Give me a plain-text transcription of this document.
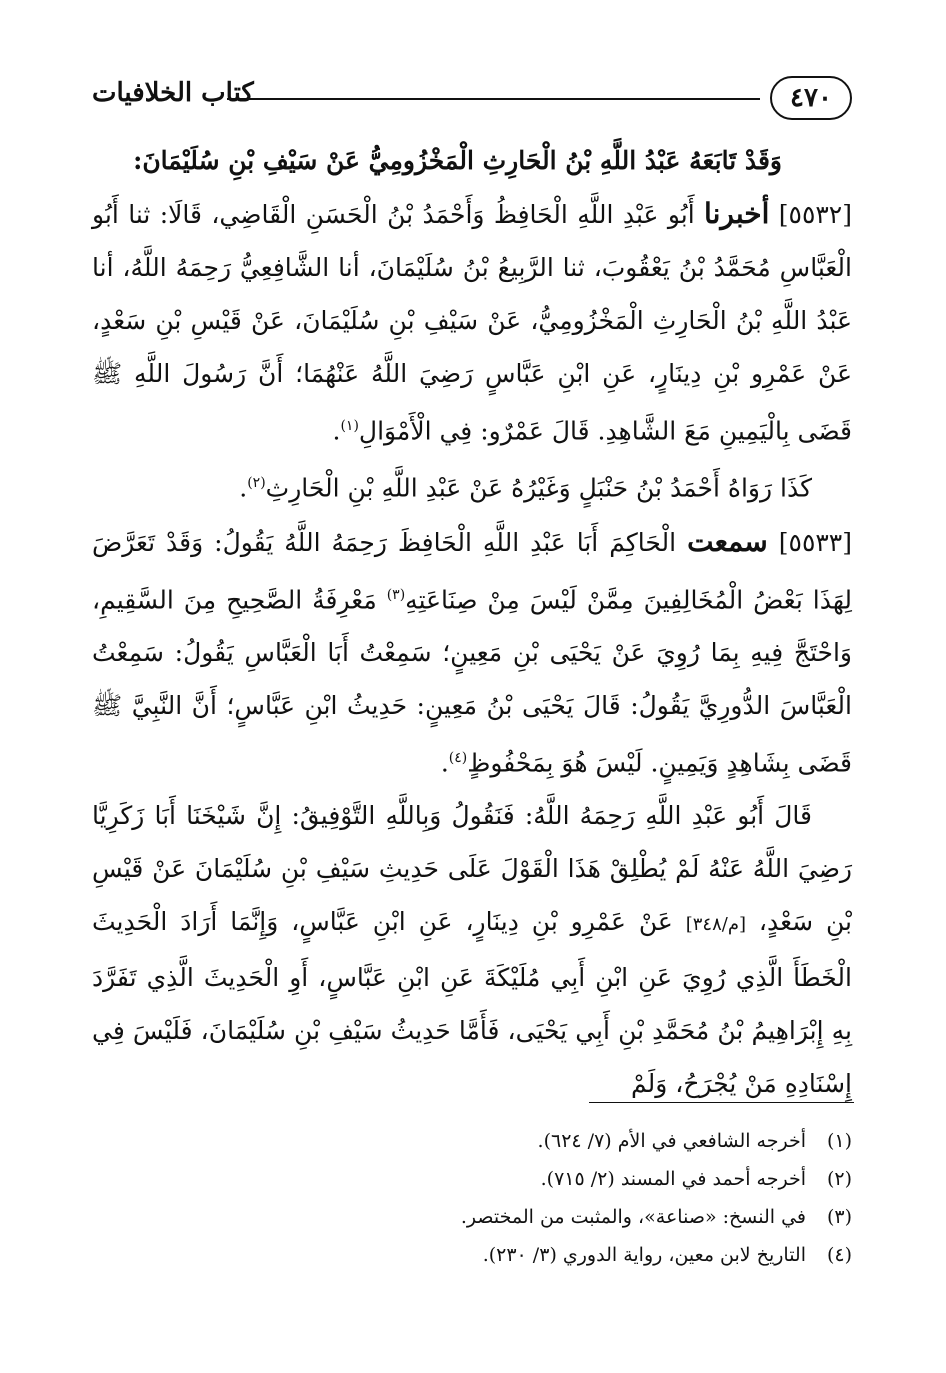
٤٧٠
كتاب الخلافيات

وَقَدْ تَابَعَهُ عَبْدُ اللَّهِ بْنُ الْحَارِثِ الْمَخْزُومِيُّ عَنْ سَيْفِ بْنِ سُلَيْمَانَ:

[٥٥٣٢] أخبرنا أَبُو عَبْدِ اللَّهِ الْحَافِظُ وَأَحْمَدُ بْنُ الْحَسَنِ الْقَاضِي، قَالَا: ثنا أَبُو الْعَبَّاسِ مُحَمَّدُ بْنُ يَعْقُوبَ، ثنا الرَّبِيعُ بْنُ سُلَيْمَانَ، أنا الشَّافِعِيُّ رَحِمَهُ اللَّهُ، أنا عَبْدُ اللَّهِ بْنُ الْحَارِثِ الْمَخْزُومِيُّ، عَنْ سَيْفِ بْنِ سُلَيْمَانَ، عَنْ قَيْسِ بْنِ سَعْدٍ، عَنْ عَمْرِو بْنِ دِينَارٍ، عَنِ ابْنِ عَبَّاسٍ رَضِيَ اللَّهُ عَنْهُمَا؛ أَنَّ رَسُولَ اللَّهِ ﷺ قَضَى بِالْيَمِينِ مَعَ الشَّاهِدِ. قَالَ عَمْرٌو: فِي الْأَمْوَالِ$^{(١)}$.

كَذَا رَوَاهُ أَحْمَدُ بْنُ حَنْبَلٍ وَغَيْرُهُ عَنْ عَبْدِ اللَّهِ بْنِ الْحَارِثِ$^{(٢)}$.

[٥٥٣٣] سمعت الْحَاكِمَ أَبَا عَبْدِ اللَّهِ الْحَافِظَ رَحِمَهُ اللَّهُ يَقُولُ: وَقَدْ تَعَرَّضَ لِهَذَا بَعْضُ الْمُخَالِفِينَ مِمَّنْ لَيْسَ مِنْ صِنَاعَتِهِ$^{(٣)}$ مَعْرِفَةُ الصَّحِيحِ مِنَ السَّقِيمِ، وَاحْتَجَّ فِيهِ بِمَا رُوِيَ عَنْ يَحْيَى بْنِ مَعِينٍ؛ سَمِعْتُ أَبَا الْعَبَّاسِ يَقُولُ: سَمِعْتُ الْعَبَّاسَ الدُّورِيَّ يَقُولُ: قَالَ يَحْيَى بْنُ مَعِينٍ: حَدِيثُ ابْنِ عَبَّاسٍ؛ أَنَّ النَّبِيَّ ﷺ قَضَى بِشَاهِدٍ وَيَمِينٍ. لَيْسَ هُوَ بِمَحْفُوظٍ$^{(٤)}$.

قَالَ أَبُو عَبْدِ اللَّهِ رَحِمَهُ اللَّهُ: فَنَقُولُ وَبِاللَّهِ التَّوْفِيقُ: إِنَّ شَيْخَنَا أَبَا زَكَرِيَّا رَضِيَ اللَّهُ عَنْهُ لَمْ يُطْلِقْ هَذَا الْقَوْلَ عَلَى حَدِيثِ سَيْفِ بْنِ سُلَيْمَانَ عَنْ قَيْسِ بْنِ سَعْدٍ، [م/٣٤٨] عَنْ عَمْرِو بْنِ دِينَارٍ، عَنِ ابْنِ عَبَّاسٍ، وَإِنَّمَا أَرَادَ الْحَدِيثَ الْخَطَأَ الَّذِي رُوِيَ عَنِ ابْنِ أَبِي مُلَيْكَةَ عَنِ ابْنِ عَبَّاسٍ، أَوِ الْحَدِيثَ الَّذِي تَفَرَّدَ بِهِ إِبْرَاهِيمُ بْنُ مُحَمَّدِ بْنِ أَبِي يَحْيَى، فَأَمَّا حَدِيثُ سَيْفِ بْنِ سُلَيْمَانَ، فَلَيْسَ فِي إِسْنَادِهِ مَنْ يُجْرَحُ، وَلَمْ

(١)
أخرجه الشافعي في الأم (٧/ ٦٢٤).
(٢)
أخرجه أحمد في المسند (٢/ ٧١٥).
(٣)
في النسخ: «صناعة»، والمثبت من المختصر.
(٤)
التاريخ لابن معين، رواية الدوري (٣/ ٢٣٠).
